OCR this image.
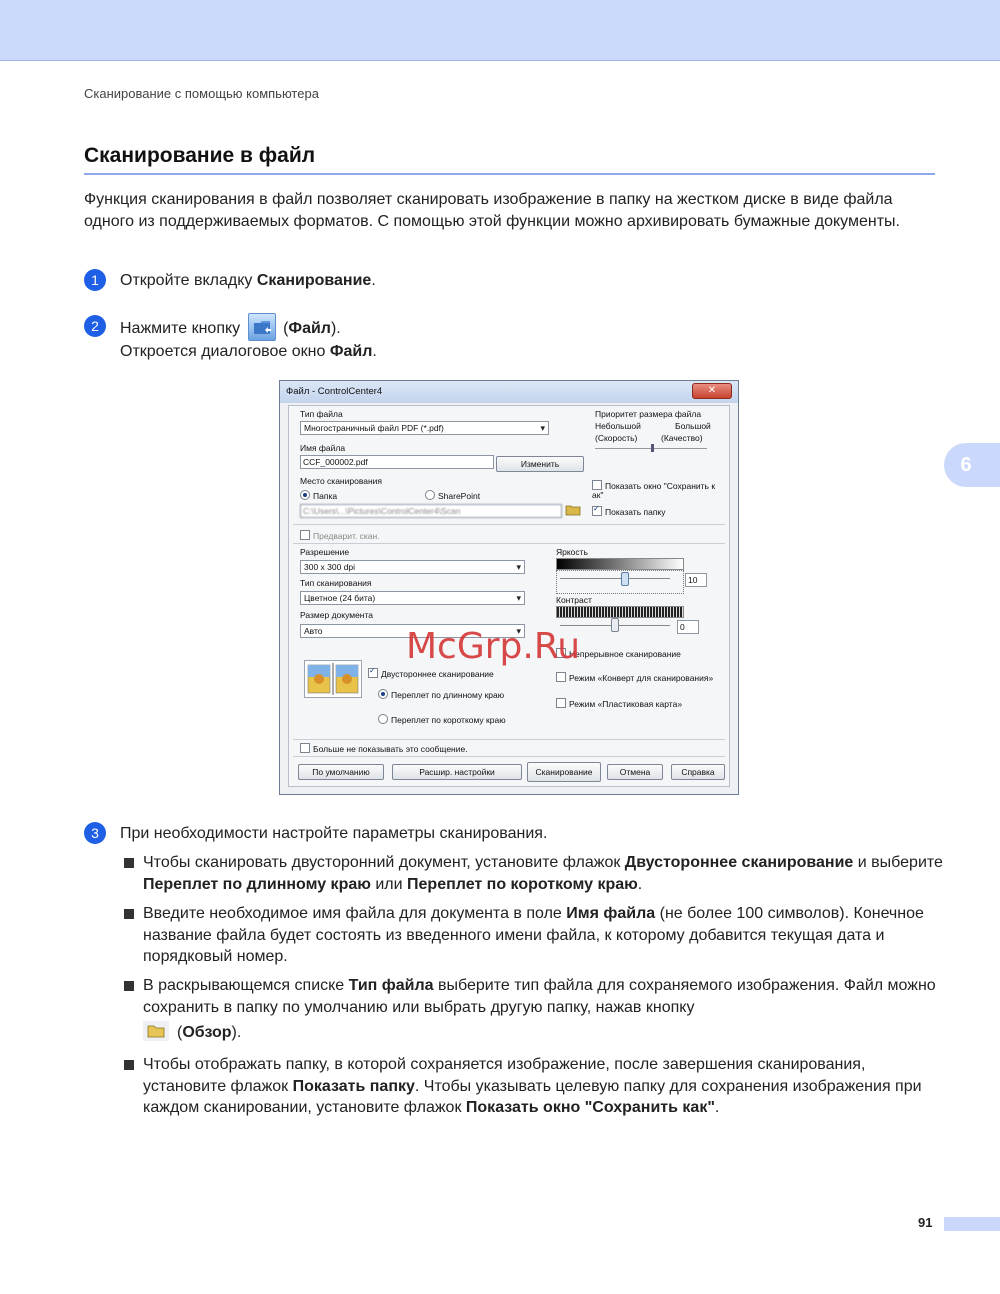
Сканирование с помощью компьютера
Сканирование в файл
Функция сканирования в файл позволяет сканировать изображение в папку на жестком диске в виде файла одного из поддерживаемых форматов. С помощью этой функции можно архивировать бумажные документы.
1	Откройте вкладку Сканирование.
2	Нажмите кнопку  (Файл).
Откроется диалоговое окно Файл.
6
Файл - ControlCenter4	✕
Тип файла
Многостраничный файл PDF (*.pdf) ▾
Имя файла
CCF_000002.pdf	Изменить
Место сканирования
Папка	SharePoint
C:\Users\...\Pictures\ControlCenter4\Scan
Приоритет размера файла
Небольшой	Большой
(Скорость)	(Качество)
Показать окно "Сохранить к ак"
✓Показать папку
Предварит. скан.
Разрешение
300 x 300 dpi ▾
Тип сканирования
Цветное (24 бита) ▾
Размер документа
Авто ▾
Яркость
10
Контраст
0
Непрерывное сканирование
Режим «Конверт для сканирования»
Режим «Пластиковая карта»
✓Двустороннее сканирование
Переплет по длинному краю
Переплет по короткому краю
Больше не показывать это сообщение.
По умолчанию	Расшир. настройки	Сканирование	Отмена	Справка
McGrp.Ru
3	При необходимости настройте параметры сканирования.
Чтобы сканировать двусторонний документ, установите флажок Двустороннее сканирование и выберите Переплет по длинному краю или Переплет по короткому краю.
Введите необходимое имя файла для документа в поле Имя файла (не более 100 символов). Конечное название файла будет состоять из введенного имени файла, к которому добавится текущая дата и порядковый номер.
В раскрывающемся списке Тип файла выберите тип файла для сохраняемого изображения. Файл можно сохранить в папку по умолчанию или выбрать другую папку, нажав кнопку
(Обзор).
Чтобы отображать папку, в которой сохраняется изображение, после завершения сканирования, установите флажок Показать папку. Чтобы указывать целевую папку для сохранения изображения при каждом сканировании, установите флажок Показать окно "Сохранить как".
91
